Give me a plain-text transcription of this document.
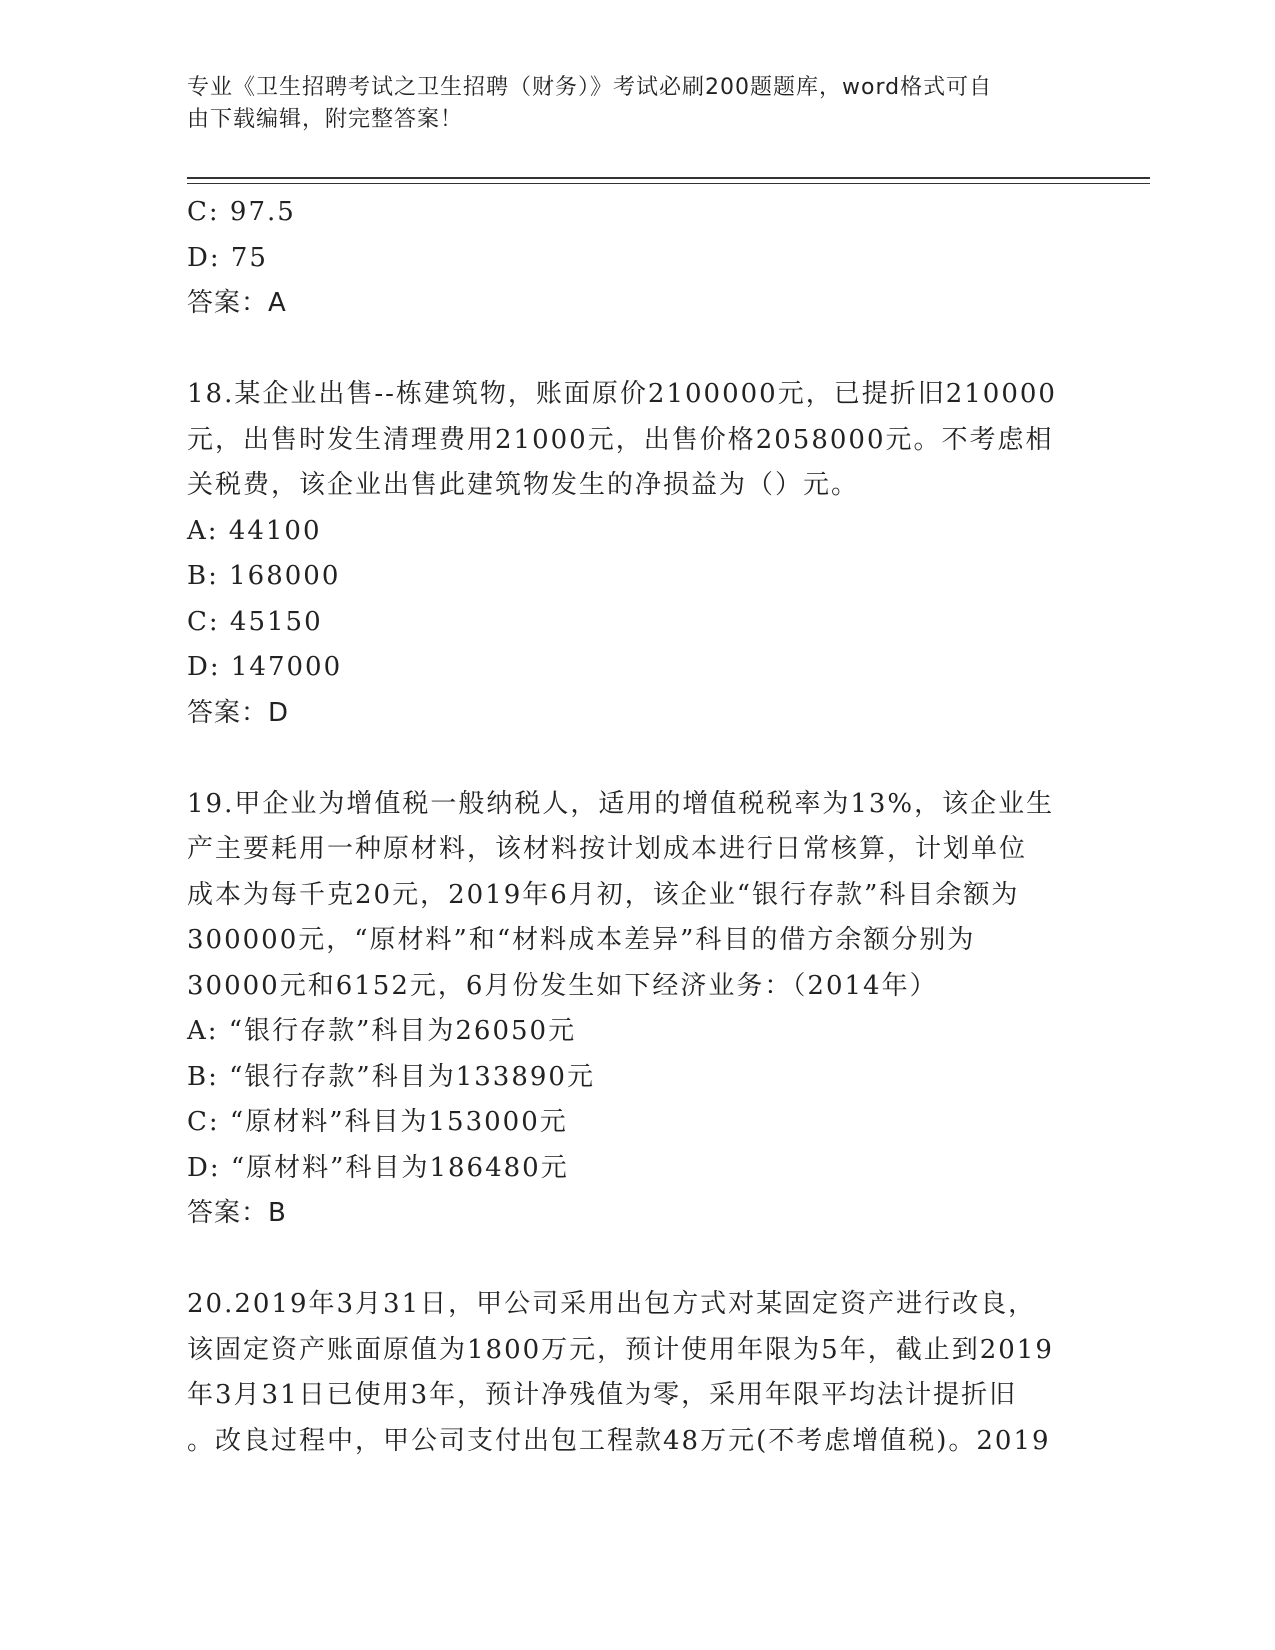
专业《卫生招聘考试之卫生招聘（财务）》考试必刷200题题库，word格式可自
由下载编辑，附完整答案！
C: 97.5
D: 75
答案：A
18.某企业出售--栋建筑物，账面原价2100000元，已提折旧210000
元，出售时发生清理费用21000元，出售价格2058000元。不考虑相
关税费，该企业出售此建筑物发生的净损益为（）元。
A: 44100
B: 168000
C: 45150
D: 147000
答案：D
19.甲企业为增值税一般纳税人，适用的增值税税率为13%，该企业生
产主要耗用一种原材料，该材料按计划成本进行日常核算，计划单位
成本为每千克20元，2019年6月初，该企业“银行存款”科目余额为
300000元，“原材料”和“材料成本差异”科目的借方余额分别为
30000元和6152元，6月份发生如下经济业务：（2014年）
A: “银行存款”科目为26050元
B: “银行存款”科目为133890元
C: “原材料”科目为153000元
D: “原材料”科目为186480元
答案：B
20.2019年3月31日，甲公司采用出包方式对某固定资产进行改良，
该固定资产账面原值为1800万元，预计使用年限为5年，截止到2019
年3月31日已使用3年，预计净残值为零，采用年限平均法计提折旧
。改良过程中，甲公司支付出包工程款48万元(不考虑增值税)。2019
